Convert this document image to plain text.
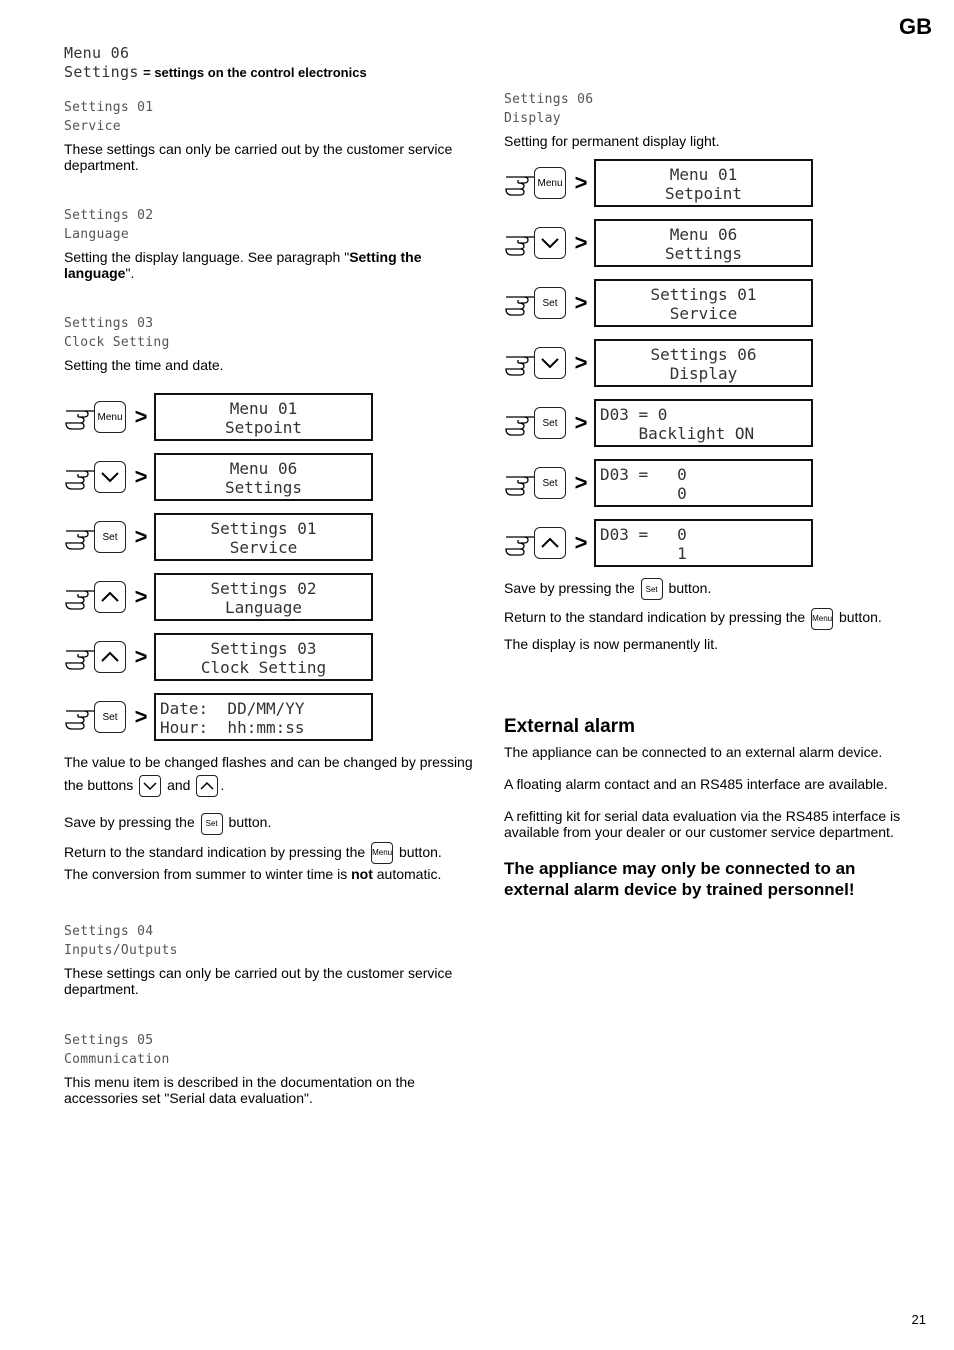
GB
21
Menu 06
Settings = settings on the control electronics
Settings 01
Service

These settings can only be carried out by the customer service department.

Settings 02
Language

Setting the display language. See paragraph "Setting the language".

Settings 03
Clock Setting

Setting the time and date.

Menu >	Menu 01
Setpoint
>	Menu 06
Settings
Set >	Settings 01
Service
>	Settings 02
Language
>	Settings 03
Clock Setting
Set > Date:  DD/MM/YY
Hour:  hh:mm:ss

The value to be changed flashes and can be changed by pressing the buttons and .

Save by pressing the Set button.

Return to the standard indication by pressing the Menu button.

The conversion from summer to winter time is not automatic.

Settings 04
Inputs/Outputs

These settings can only be carried out by the customer service department.

Settings 05
Communication

This menu item is described in the documentation on the accessories set "Serial data evaluation".

Settings 06
Display

Setting for permanent display light.

Menu >	Menu 01
Setpoint
>	Menu 06
Settings
Set >	Settings 01
Service
>	Settings 06
Display
Set > D03 = 0
Backlight ON
Set > D03 =   0
0
> D03 =   0
1

Save by pressing the Set button.

Return to the standard indication by pressing the Menu button.

The display is now permanently lit.

External alarm

The appliance can be connected to an external alarm device.

A floating alarm contact and an RS485 interface are available.

A refitting kit for serial data evaluation via the RS485 interface is available from your dealer or our customer service department.

The appliance may only be connected to an external alarm device by trained personnel!
